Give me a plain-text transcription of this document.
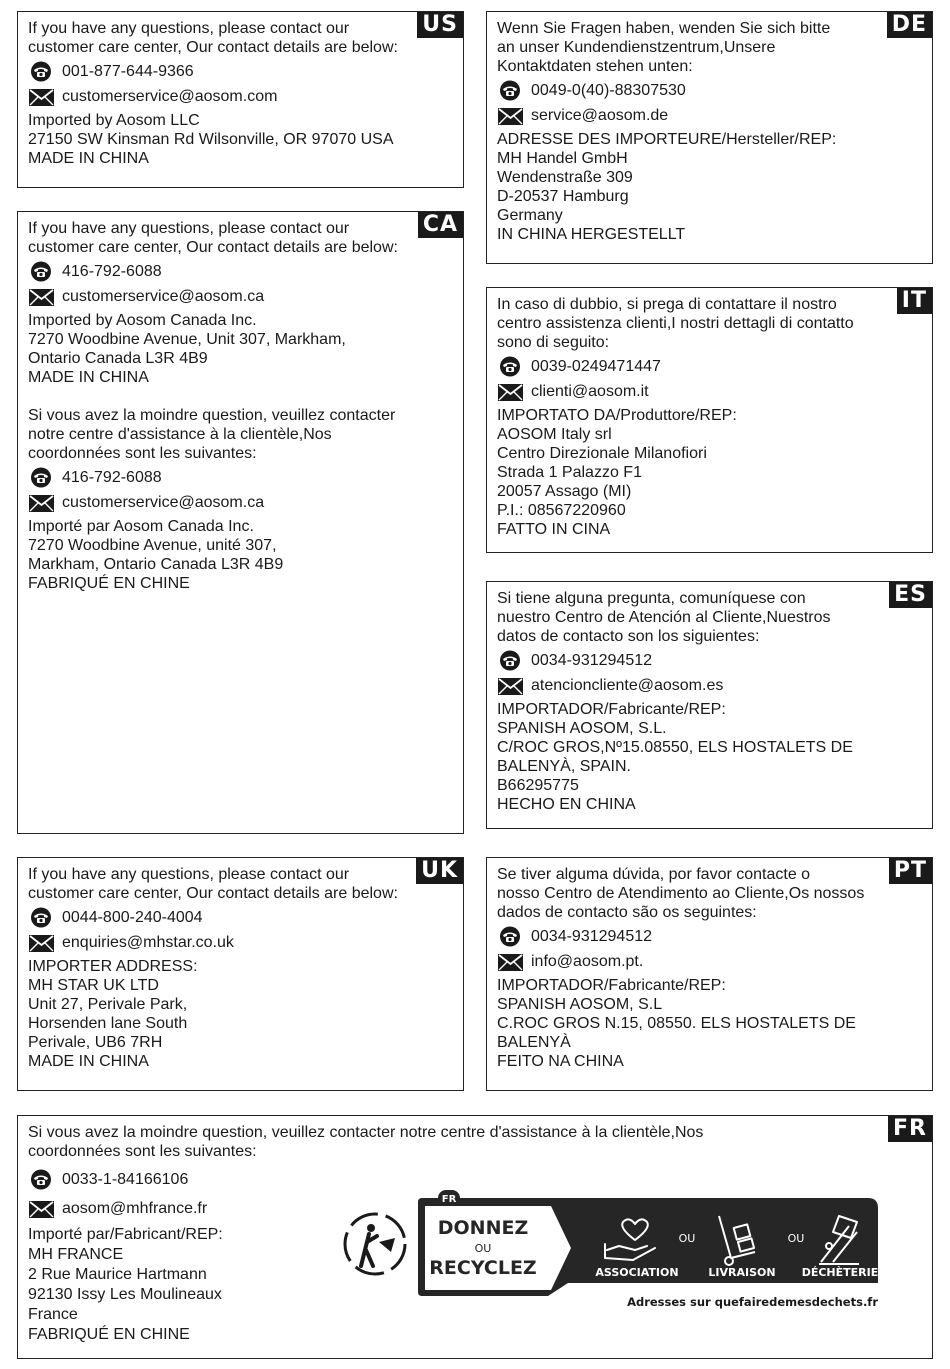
US

If you have any questions, please contact our
customer care center, Our contact details are below:

001-877-644-9366
customerservice@aosom.com

Imported by Aosom LLC
27150 SW Kinsman Rd Wilsonville, OR 97070 USA
MADE IN CHINA

DE

Wenn Sie Fragen haben, wenden Sie sich bitte
an unser Kundendienstzentrum,Unsere
Kontaktdaten stehen unten:

0049-0(40)-88307530
service@aosom.de

ADRESSE DES IMPORTEURE/Hersteller/REP:
MH Handel GmbH
Wendenstraße 309
D-20537 Hamburg
Germany
IN CHINA HERGESTELLT

CA

If you have any questions, please contact our
customer care center, Our contact details are below:

416-792-6088
customerservice@aosom.ca

Imported by Aosom Canada Inc.
7270 Woodbine Avenue, Unit 307, Markham,
Ontario Canada L3R 4B9
MADE IN CHINA

Si vous avez la moindre question, veuillez contacter
notre centre d'assistance à la clientèle,Nos
coordonnées sont les suivantes:

416-792-6088
customerservice@aosom.ca

Importé par Aosom Canada Inc.
7270 Woodbine Avenue, unité 307,
Markham, Ontario Canada L3R 4B9
FABRIQUÉ EN CHINE

IT

In caso di dubbio, si prega di contattare il nostro
centro assistenza clienti,I nostri dettagli di contatto
sono di seguito:

0039-0249471447
clienti@aosom.it

IMPORTATO DA/Produttore/REP:
AOSOM Italy srl
Centro Direzionale Milanofiori
Strada 1 Palazzo F1
20057 Assago (MI)
P.I.: 08567220960
FATTO IN CINA

ES

Si tiene alguna pregunta, comuníquese con
nuestro Centro de Atención al Cliente,Nuestros
datos de contacto son los siguientes:

0034-931294512
atencioncliente@aosom.es

IMPORTADOR/Fabricante/REP:
SPANISH AOSOM, S.L.

C/ROC GROS,Nº15.08550, ELS HOSTALETS DE

BALENYÀ, SPAIN.
B66295775
HECHO EN CHINA

UK

If you have any questions, please contact our
customer care center, Our contact details are below:

0044-800-240-4004
enquiries@mhstar.co.uk

IMPORTER ADDRESS:
MH STAR UK LTD
Unit 27, Perivale Park,
Horsenden lane South
Perivale, UB6 7RH
MADE IN CHINA

PT

Se tiver alguma dúvida, por favor contacte o
nosso Centro de Atendimento ao Cliente,Os nossos
dados de contacto são os seguintes:

0034-931294512
info@aosom.pt.

IMPORTADOR/Fabricante/REP:
SPANISH AOSOM, S.L
C.ROC GROS N.15, 08550. ELS HOSTALETS DE
BALENYÀ
FEITO NA CHINA

FR

Si vous avez la moindre question, veuillez contacter notre centre d'assistance à la clientèle,Nos
coordonnées sont les suivantes:

0033-1-84166106
aosom@mhfrance.fr

Importé par/Fabricant/REP:
MH FRANCE
2 Rue Maurice Hartmann
92130 Issy Les Moulineaux
France
FABRIQUÉ EN CHINE

FR
DONNEZ
OU
RECYCLEZ
OU	OU
ASSOCIATION	LIVRAISON DÉCHÈTERIE
Adresses sur quefairedemesdechets.fr
